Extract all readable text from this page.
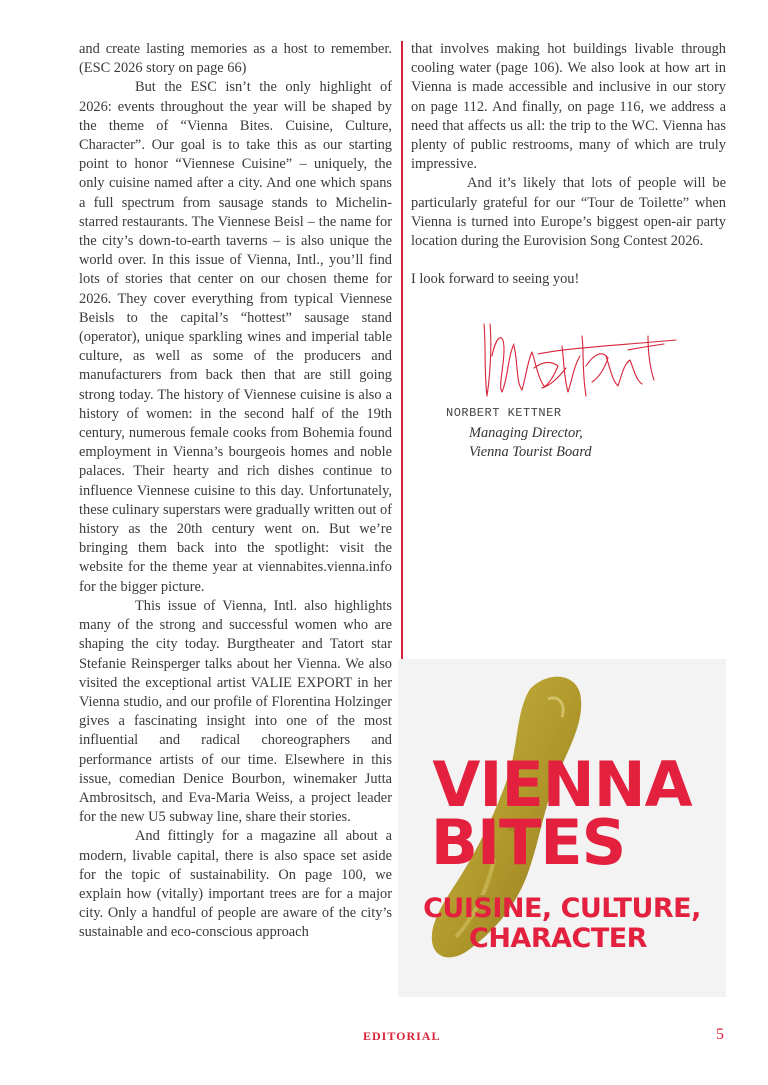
and create lasting memories as a host to remember. (ESC 2026 story on page 66)

But the ESC isn’t the only highlight of 2026: events throughout the year will be shaped by the theme of “Vienna Bites. Cuisine, Culture, Character”. Our goal is to take this as our starting point to honor “Viennese Cuisine” – uniquely, the only cuisine named after a city. And one which spans a full spectrum from sausage stands to Michelin-starred restaurants. The Viennese Beisl – the name for the city’s down-to-earth taverns – is also unique the world over. In this issue of Vienna, Intl., you’ll find lots of stories that center on our chosen theme for 2026. They cover everything from typical Viennese Beisls to the capital’s “hottest” sausage stand (operator), unique sparkling wines and imperial table culture, as well as some of the producers and manufacturers from back then that are still going strong today. The history of Viennese cuisine is also a history of women: in the second half of the 19th century, numerous female cooks from Bohemia found employment in Vienna’s bourgeois homes and noble palaces. Their hearty and rich dishes continue to influence Viennese cuisine to this day. Unfortunately, these culinary superstars were gradually written out of history as the 20th century went on. But we’re bringing them back into the spotlight: visit the website for the theme year at viennabites.vienna.info for the bigger picture.

This issue of Vienna, Intl. also highlights many of the strong and successful women who are shaping the city today. Burgtheater and Tatort star Stefanie Reinsperger talks about her Vienna. We also visited the exceptional artist VALIE EXPORT in her Vienna studio, and our profile of Florentina Holzinger gives a fascinating insight into one of the most influential and radical choreographers and performance artists of our time. Elsewhere in this issue, comedian Denice Bourbon, winemaker Jutta Ambrositsch, and Eva-Maria Weiss, a project leader for the new U5 subway line, share their stories.

And fittingly for a magazine all about a modern, livable capital, there is also space set aside for the topic of sustainability. On page 100, we explain how (vitally) important trees are for a major city. Only a handful of people are aware of the city’s sustainable and eco-conscious approach

that involves making hot buildings livable through cooling water (page 106). We also look at how art in Vienna is made accessible and inclusive in our story on page 112. And finally, on page 116, we address a need that affects us all: the trip to the WC. Vienna has plenty of public restrooms, many of which are truly impressive.

And it’s likely that lots of people will be particularly grateful for our “Tour de Toilette” when Vienna is turned into Europe’s biggest open-air party location during the Eurovision Song Contest 2026.

I look forward to seeing you!

NORBERT KETTNER
Managing Director,
Vienna Tourist Board
VIENNA
BITES
CUISINE, CULTURE,
CHARACTER
EDITORIAL	5
